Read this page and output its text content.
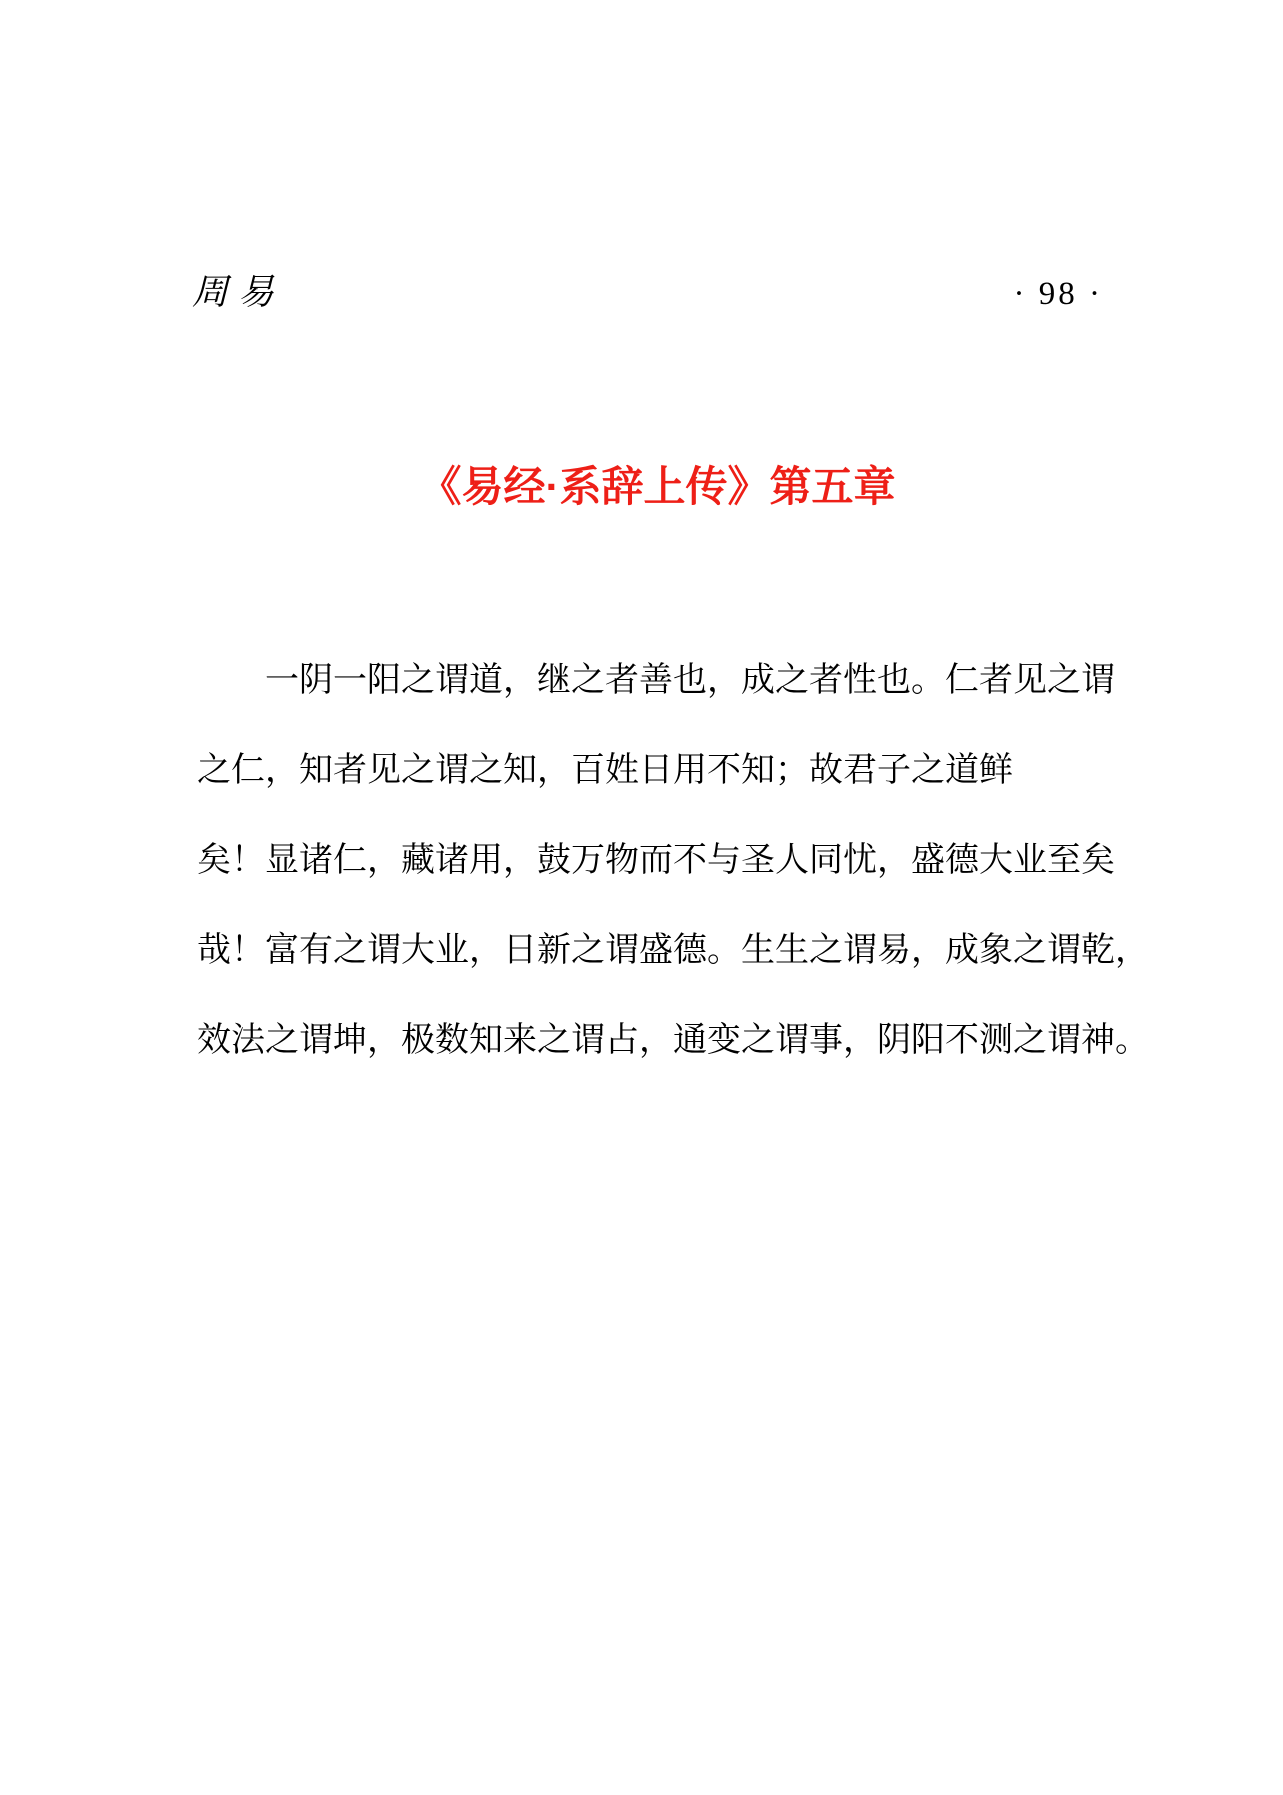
周易	· 98 ·
《易经·系辞上传》第五章

一阴一阳之谓道，继之者善也，成之者性也。仁者见之谓

之仁，知者见之谓之知，百姓日用不知；故君子之道鲜

矣！显诸仁，藏诸用，鼓万物而不与圣人同忧，盛德大业至矣

哉！富有之谓大业，日新之谓盛德。生生之谓易，成象之谓乾，

效法之谓坤，极数知来之谓占，通变之谓事，阴阳不测之谓神。
